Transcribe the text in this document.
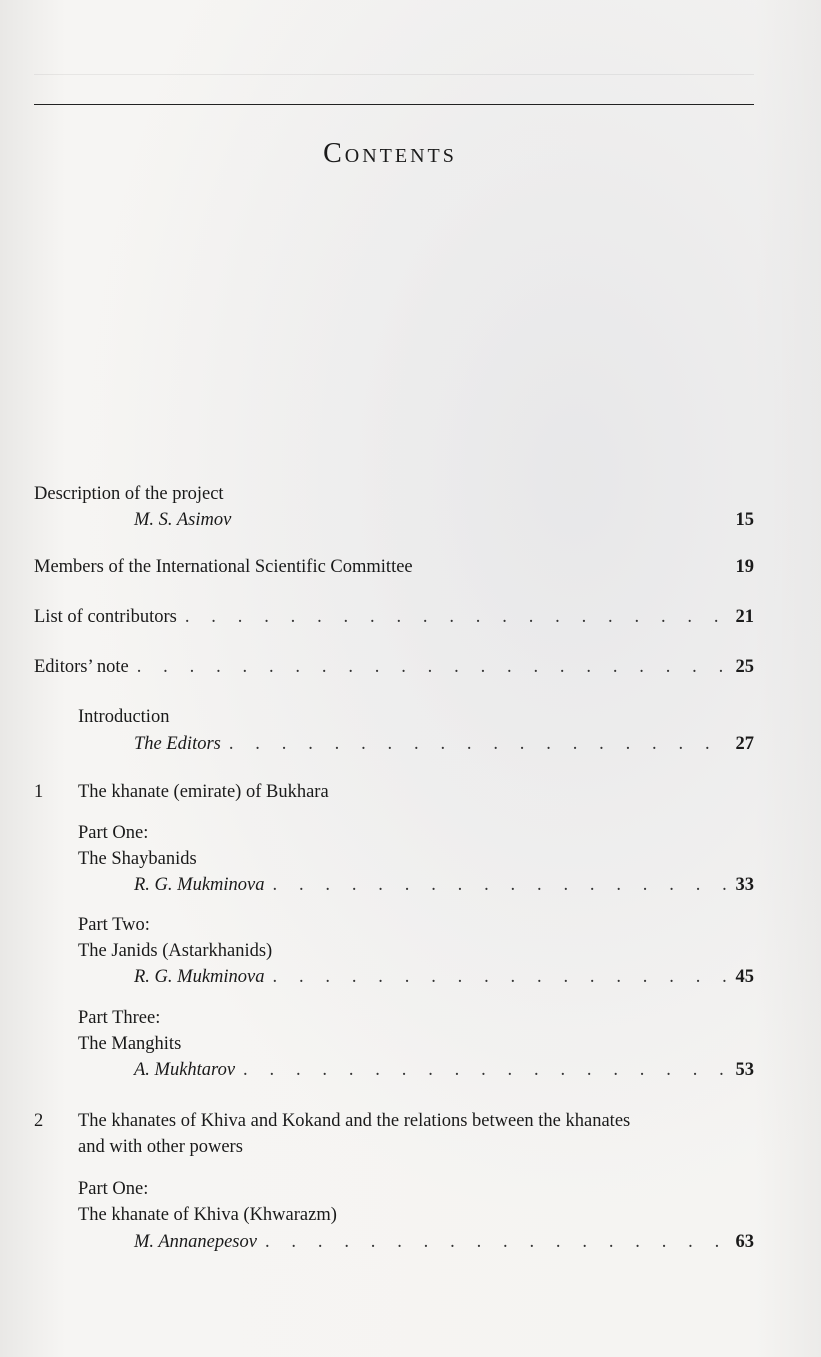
Contents
Description of the project
M. S. Asimov	15
Members of the International Scientific Committee	19
List of contributors . . .	21
Editors’ note . . .	25
Introduction
The Editors . . .	27
1 The khanate (emirate) of Bukhara
Part One:
The Shaybanids
R. G. Mukminova . . .	33
Part Two:
The Janids (Astarkhanids)
R. G. Mukminova . . .	45
Part Three:
The Manghits
A. Mukhtarov . . .	53
2 The khanates of Khiva and Kokand and the relations between the khanates
and with other powers
Part One:
The khanate of Khiva (Khwarazm)
M. Annanepesov . . .	63
